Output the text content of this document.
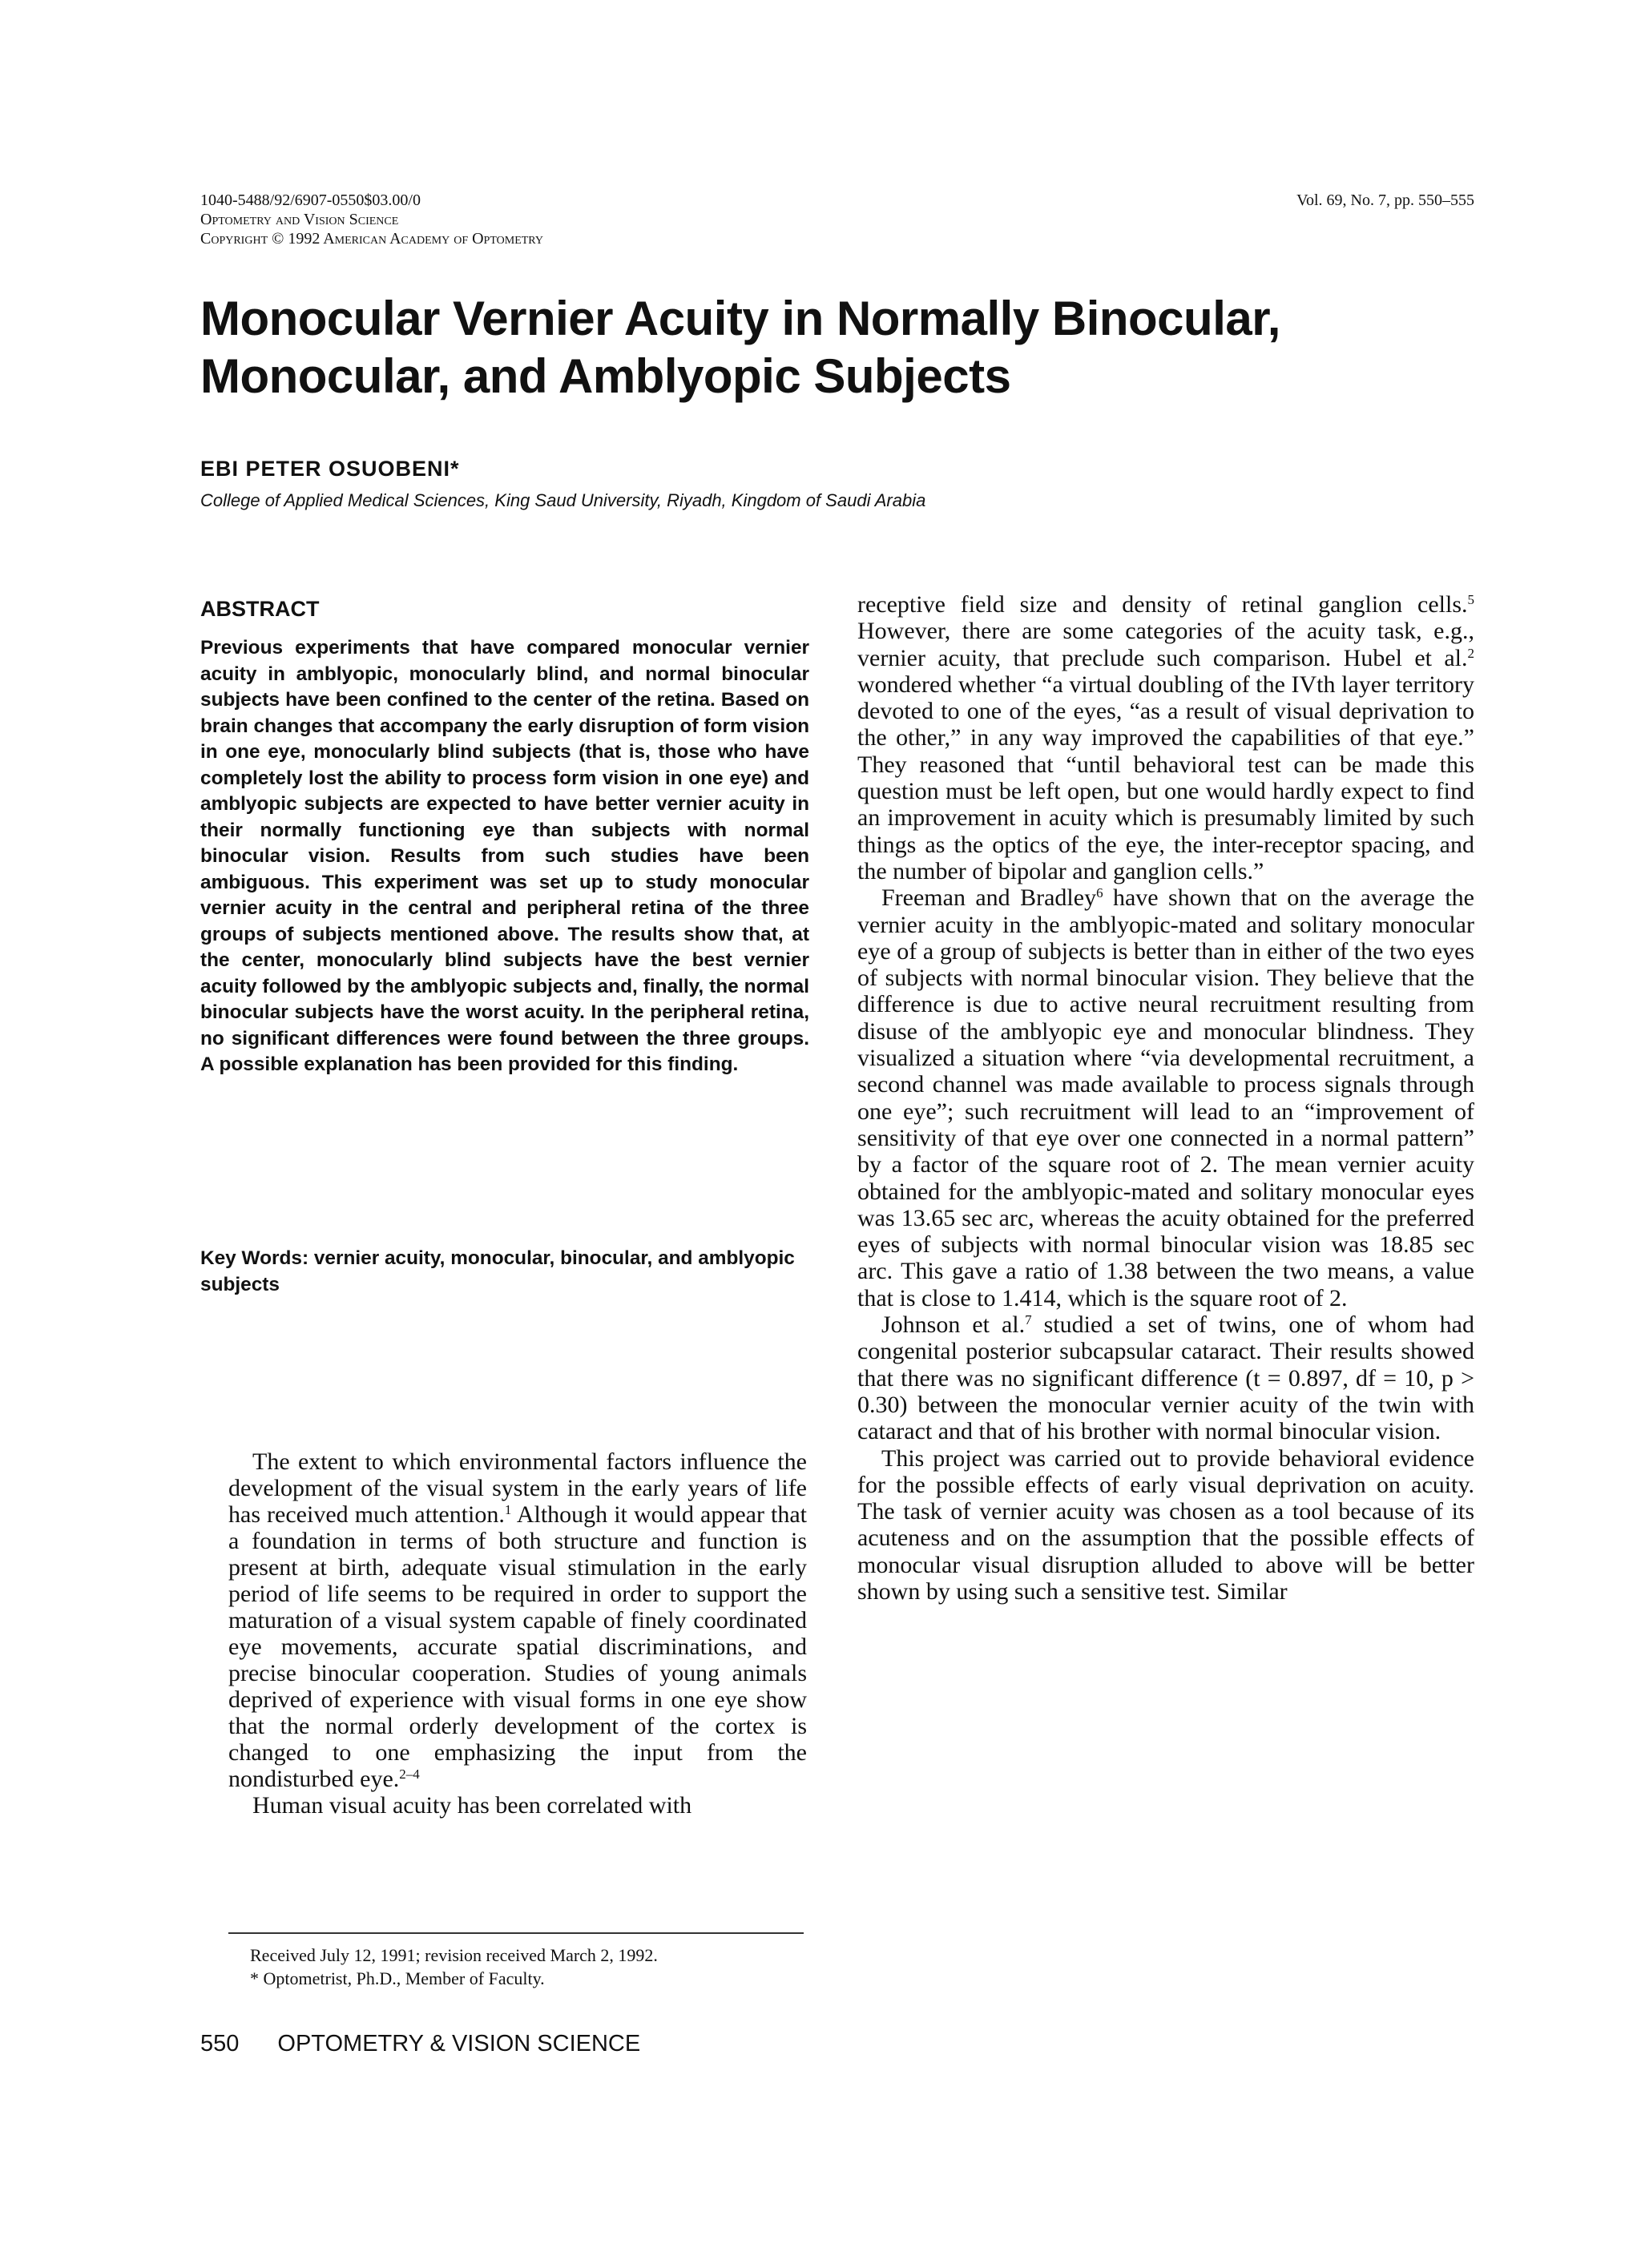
1040-5488/92/6907-0550$03.00/0
Optometry and Vision Science
Copyright © 1992 American Academy of Optometry
Vol. 69, No. 7, pp. 550–555
Monocular Vernier Acuity in Normally Binocular,
Monocular, and Amblyopic Subjects
EBI PETER OSUOBENI*
College of Applied Medical Sciences, King Saud University, Riyadh, Kingdom of Saudi Arabia
ABSTRACT

Previous experiments that have compared monocular vernier acuity in amblyopic, monocularly blind, and normal binocular subjects have been confined to the center of the retina. Based on brain changes that accompany the early disruption of form vision in one eye, monocularly blind subjects (that is, those who have completely lost the ability to process form vision in one eye) and amblyopic subjects are expected to have better vernier acuity in their normally functioning eye than subjects with normal binocular vision. Results from such studies have been ambiguous. This experiment was set up to study monocular vernier acuity in the central and peripheral retina of the three groups of subjects mentioned above. The results show that, at the center, monocularly blind subjects have the best vernier acuity followed by the amblyopic subjects and, finally, the normal binocular subjects have the worst acuity. In the peripheral retina, no significant differences were found between the three groups. A possible explanation has been provided for this finding.

Key Words: vernier acuity, monocular, binocular, and amblyopic subjects

The extent to which environmental factors influence the development of the visual system in the early years of life has received much attention.$^1$ Although it would appear that a foundation in terms of both structure and function is present at birth, adequate visual stimulation in the early period of life seems to be required in order to support the maturation of a visual system capable of finely coordinated eye movements, accurate spatial discriminations, and precise binocular cooperation. Studies of young animals deprived of experience with visual forms in one eye show that the normal orderly development of the cortex is changed to one emphasizing the input from the nondisturbed eye.$^{2-4}$

Human visual acuity has been correlated with

Received July 12, 1991; revision received March 2, 1992.
* Optometrist, Ph.D., Member of Faculty.

receptive field size and density of retinal ganglion cells.$^5$ However, there are some categories of the acuity task, e.g., vernier acuity, that preclude such comparison. Hubel et al.$^2$ wondered whether “a virtual doubling of the IVth layer territory devoted to one of the eyes, “as a result of visual deprivation to the other,” in any way improved the capabilities of that eye.” They reasoned that “until behavioral test can be made this question must be left open, but one would hardly expect to find an improvement in acuity which is presumably limited by such things as the optics of the eye, the inter-receptor spacing, and the number of bipolar and ganglion cells.”

Freeman and Bradley$^6$ have shown that on the average the vernier acuity in the amblyopic-mated and solitary monocular eye of a group of subjects is better than in either of the two eyes of subjects with normal binocular vision. They believe that the difference is due to active neural recruitment resulting from disuse of the amblyopic eye and monocular blindness. They visualized a situation where “via developmental recruitment, a second channel was made available to process signals through one eye”; such recruitment will lead to an “improvement of sensitivity of that eye over one connected in a normal pattern” by a factor of the square root of 2. The mean vernier acuity obtained for the amblyopic-mated and solitary monocular eyes was 13.65 sec arc, whereas the acuity obtained for the preferred eyes of subjects with normal binocular vision was 18.85 sec arc. This gave a ratio of 1.38 between the two means, a value that is close to 1.414, which is the square root of 2.

Johnson et al.$^7$ studied a set of twins, one of whom had congenital posterior subcapsular cataract. Their results showed that there was no significant difference (t = 0.897, df = 10, p > 0.30) between the monocular vernier acuity of the twin with cataract and that of his brother with normal binocular vision.

This project was carried out to provide behavioral evidence for the possible effects of early visual deprivation on acuity. The task of vernier acuity was chosen as a tool because of its acuteness and on the assumption that the possible effects of monocular visual disruption alluded to above will be better shown by using such a sensitive test. Similar

550 OPTOMETRY & VISION SCIENCE
